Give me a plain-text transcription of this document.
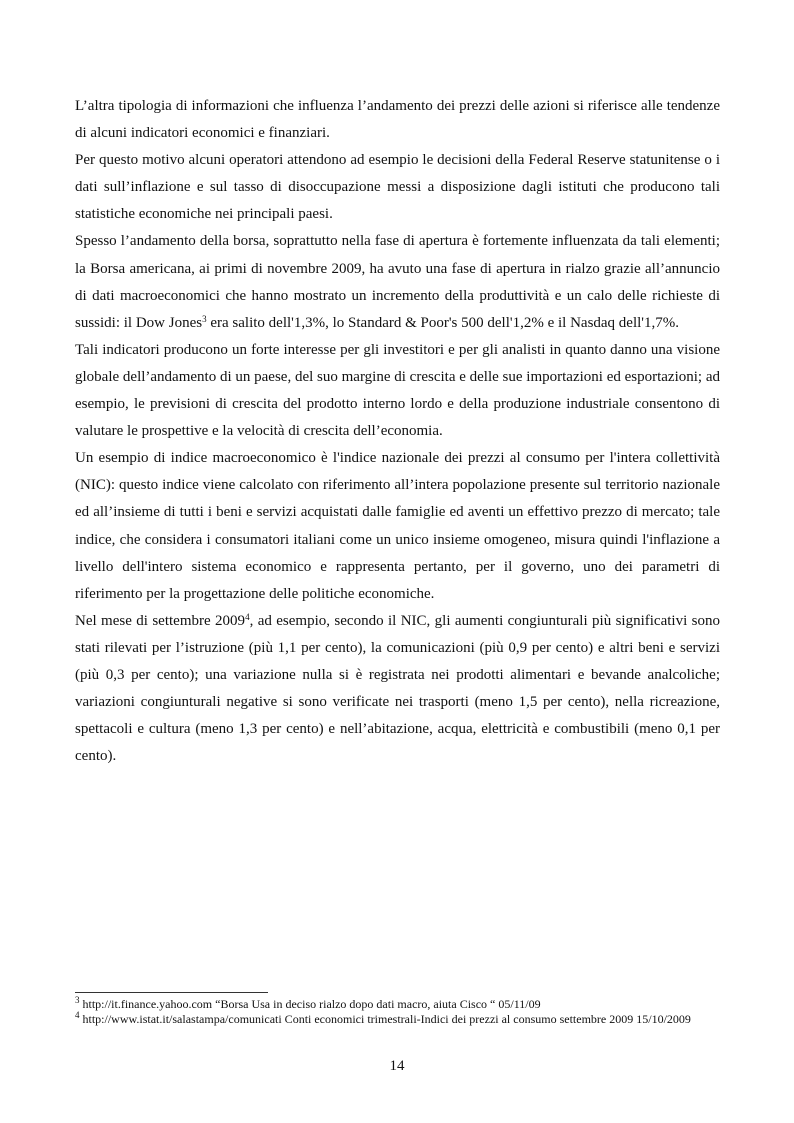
L’altra tipologia di informazioni che influenza l’andamento dei prezzi delle azioni si riferisce alle tendenze di alcuni indicatori economici e finanziari.

Per questo motivo alcuni operatori attendono ad esempio le decisioni della Federal Reserve statunitense o i dati sull’inflazione e sul tasso di disoccupazione messi a disposizione dagli istituti che producono tali statistiche economiche nei principali paesi.

Spesso l’andamento della borsa, soprattutto nella fase di apertura è fortemente influenzata da tali elementi; la Borsa americana, ai primi di novembre 2009, ha avuto una fase di apertura in rialzo grazie all’annuncio di dati macroeconomici che hanno mostrato un incremento della produttività e un calo delle richieste di sussidi: il Dow Jones$^3$ era salito dell'1,3%, lo Standard & Poor's 500 dell'1,2% e il Nasdaq dell'1,7%.

Tali indicatori producono un forte interesse per gli investitori e per gli analisti in quanto danno una visione globale dell’andamento di un paese, del suo margine di crescita e delle sue importazioni ed esportazioni; ad esempio, le previsioni di crescita del prodotto interno lordo e della produzione industriale consentono di valutare le prospettive e la velocità di crescita dell’economia.

Un esempio di indice macroeconomico è l'indice nazionale dei prezzi al consumo per l'intera collettività (NIC): questo indice viene calcolato con riferimento all’intera popolazione presente sul territorio nazionale ed all’insieme di tutti i beni e servizi acquistati dalle famiglie ed aventi un effettivo prezzo di mercato; tale indice, che considera i consumatori italiani come un unico insieme omogeneo, misura quindi l'inflazione a livello dell'intero sistema economico e rappresenta pertanto, per il governo, uno dei parametri di riferimento per la progettazione delle politiche economiche.

Nel mese di settembre 2009$^4$, ad esempio, secondo il NIC, gli aumenti congiunturali più significativi sono stati rilevati per l’istruzione (più 1,1 per cento), la comunicazioni (più 0,9 per cento) e altri beni e servizi (più 0,3 per cento); una variazione nulla si è registrata nei prodotti alimentari e bevande analcoliche; variazioni congiunturali negative si sono verificate nei trasporti (meno 1,5 per cento), nella ricreazione, spettacoli e cultura (meno 1,3 per cento) e nell’abitazione, acqua, elettricità e combustibili (meno 0,1 per cento).

$^3$ http://it.finance.yahoo.com “Borsa Usa in deciso rialzo dopo dati macro, aiuta Cisco “ 05/11/09

$^4$ http://www.istat.it/salastampa/comunicati Conti economici trimestrali-Indici dei prezzi al consumo settembre 2009 15/10/2009

14
